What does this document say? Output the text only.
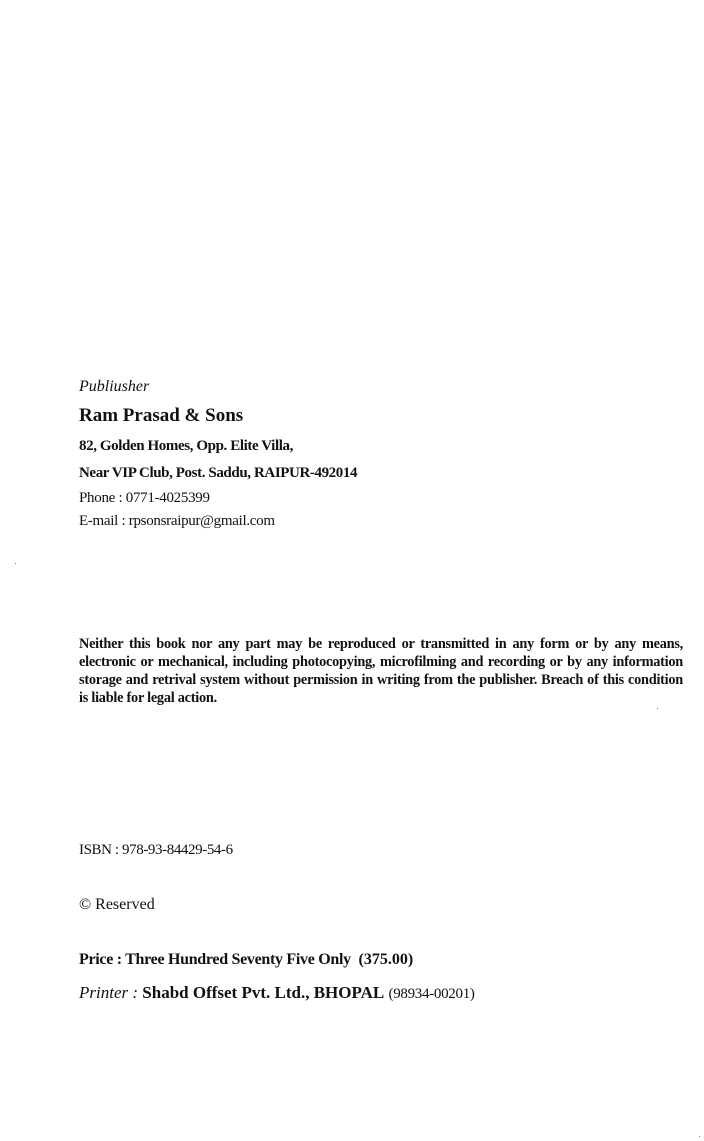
Publiusher
Ram Prasad & Sons
82, Golden Homes, Opp. Elite Villa,
Near VIP Club, Post. Saddu, RAIPUR-492014
Phone : 0771-4025399
E-mail : rpsonsraipur@gmail.com
Neither this book nor any part may be reproduced or transmitted in any form or by any means, electronic or mechanical, including photocopying, microfilming and recording or by any information storage and retrival system without permission in writing from the publisher. Breach of this condition is liable for legal action.
ISBN : 978-93-84429-54-6
© Reserved
Price : Three Hundred Seventy Five Only (375.00)
Printer : Shabd Offset Pvt. Ltd., BHOPAL (98934-00201)
